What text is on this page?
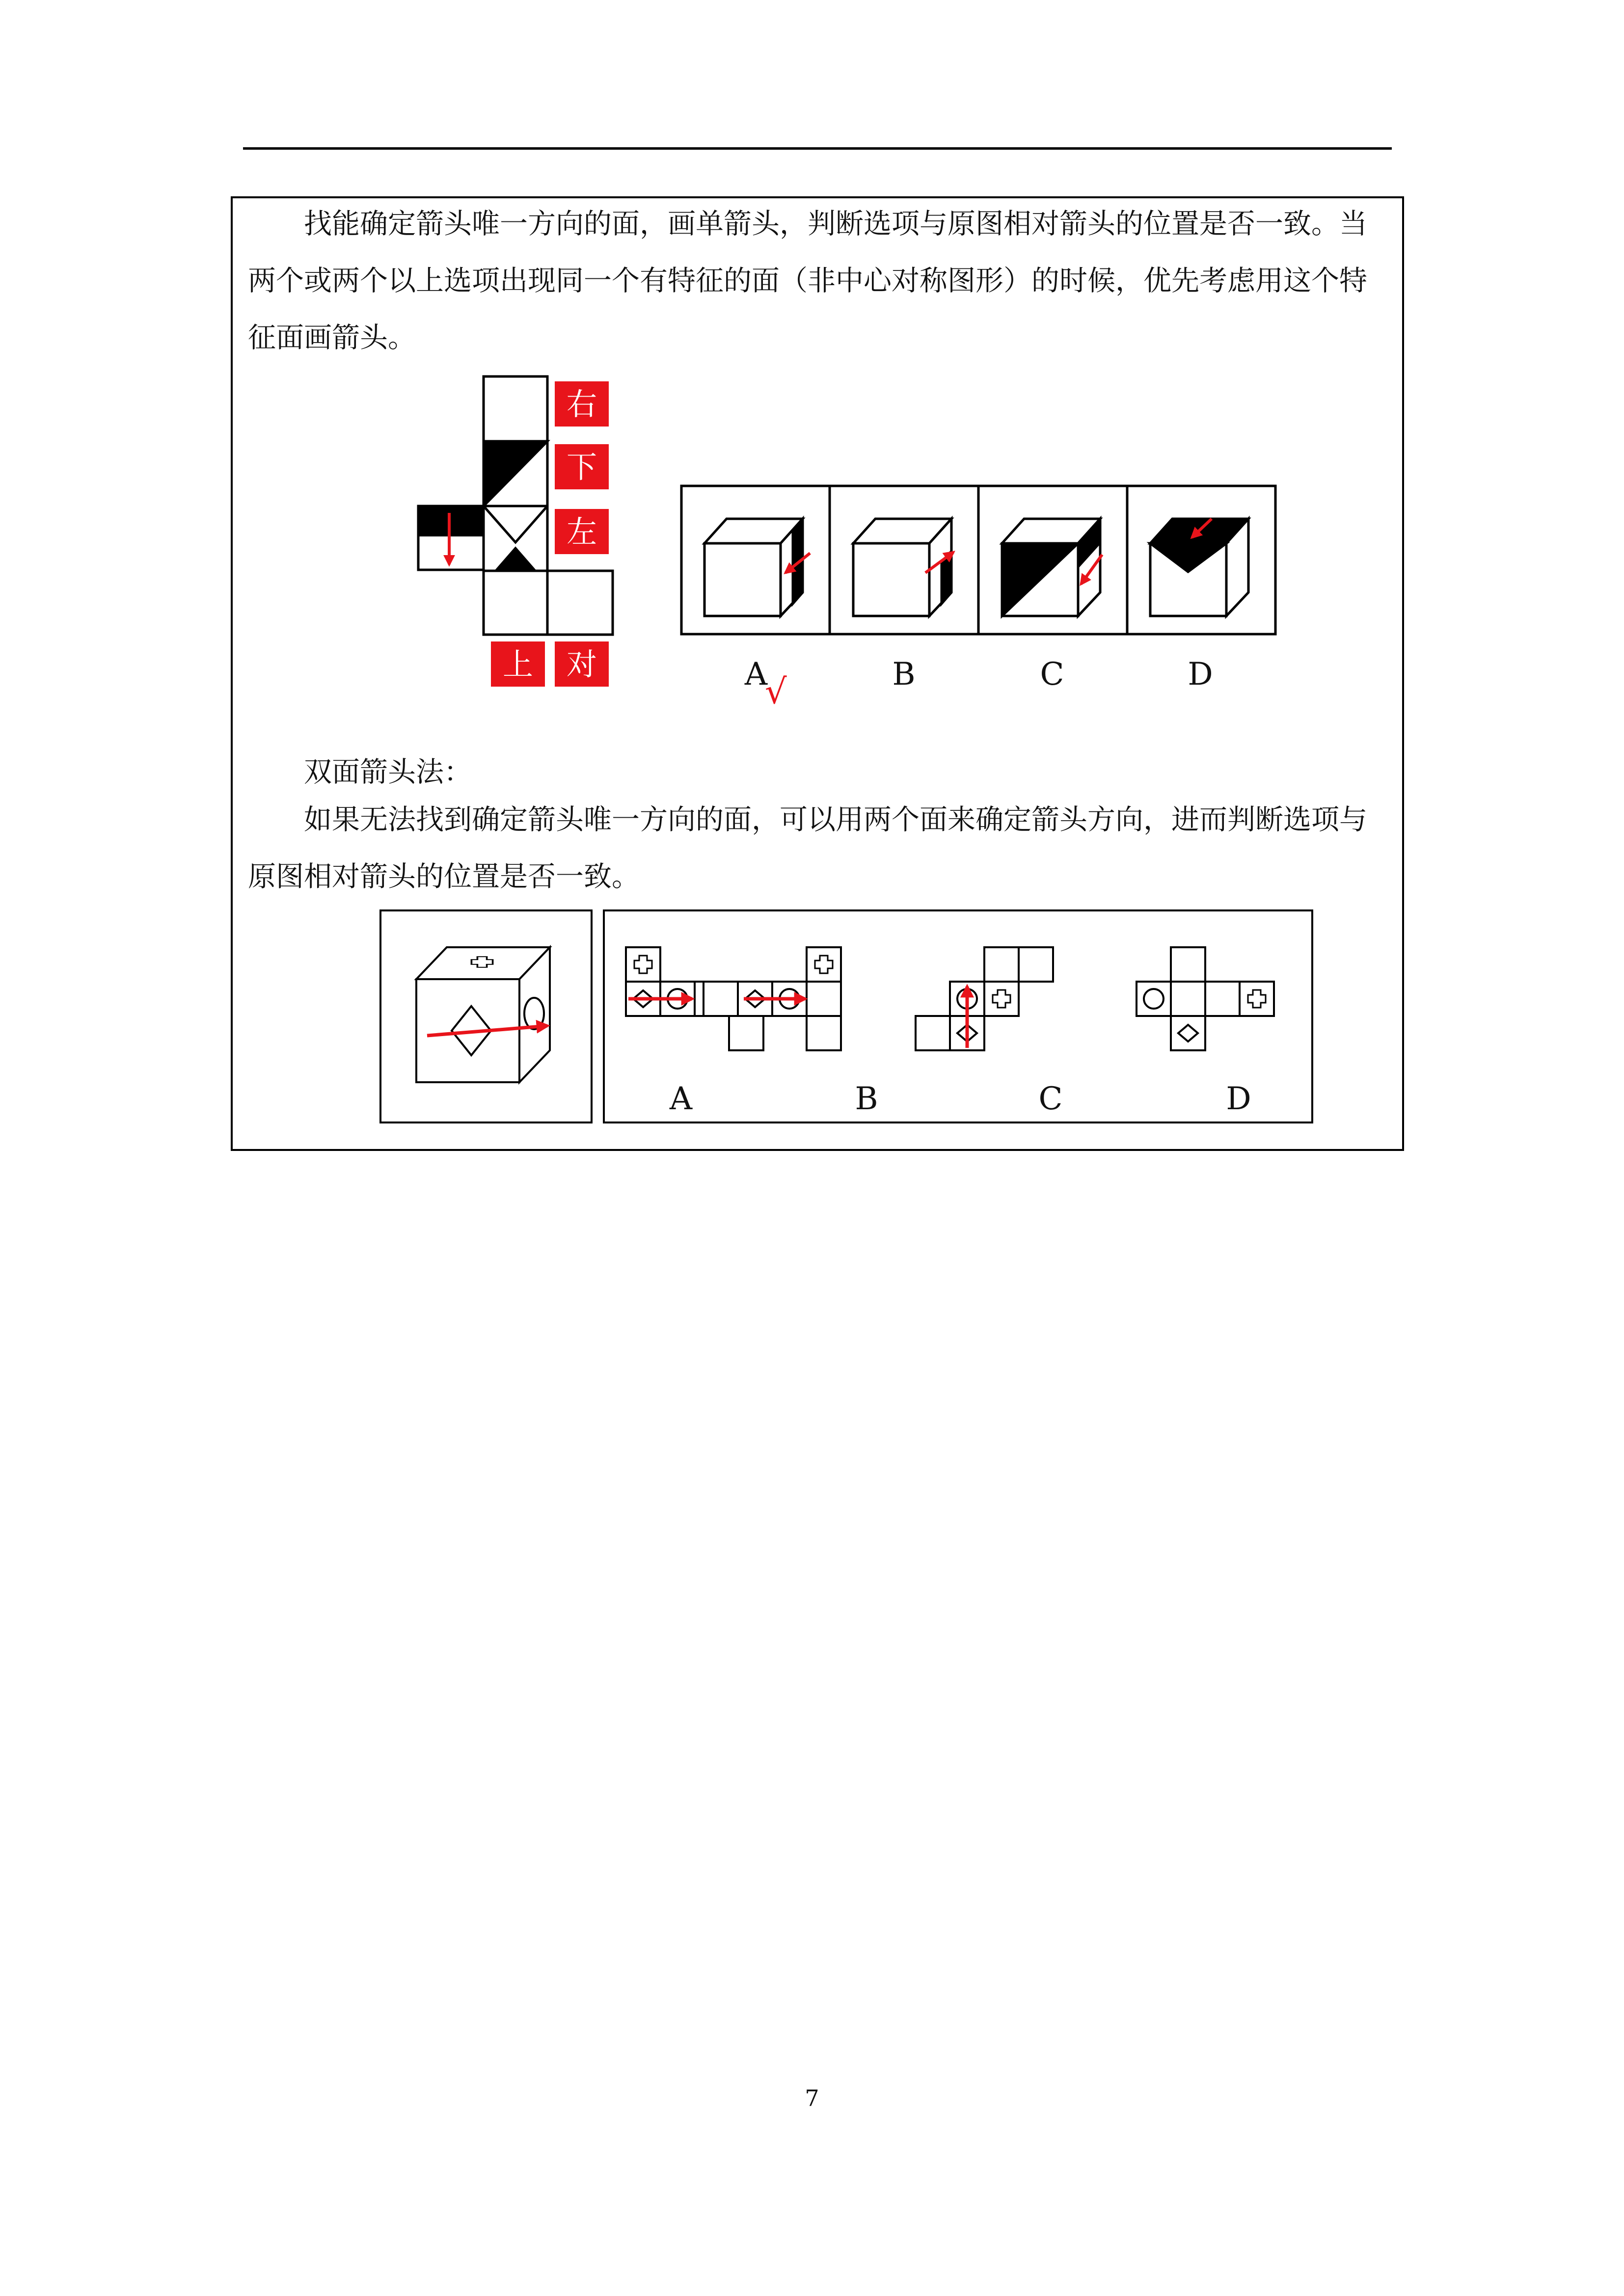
找能确定箭头唯一方向的面，画单箭头，判断选项与原图相对箭头的位置是否一致。当两个或两个以上选项出现同一个有特征的面（非中心对称图形）的时候，优先考虑用这个特征面画箭头。

右
下
左
上 对	A	B	C	D
√

双面箭头法：

如果无法找到确定箭头唯一方向的面，可以用两个面来确定箭头方向，进而判断选项与原图相对箭头的位置是否一致。

A	B	C	D
7
